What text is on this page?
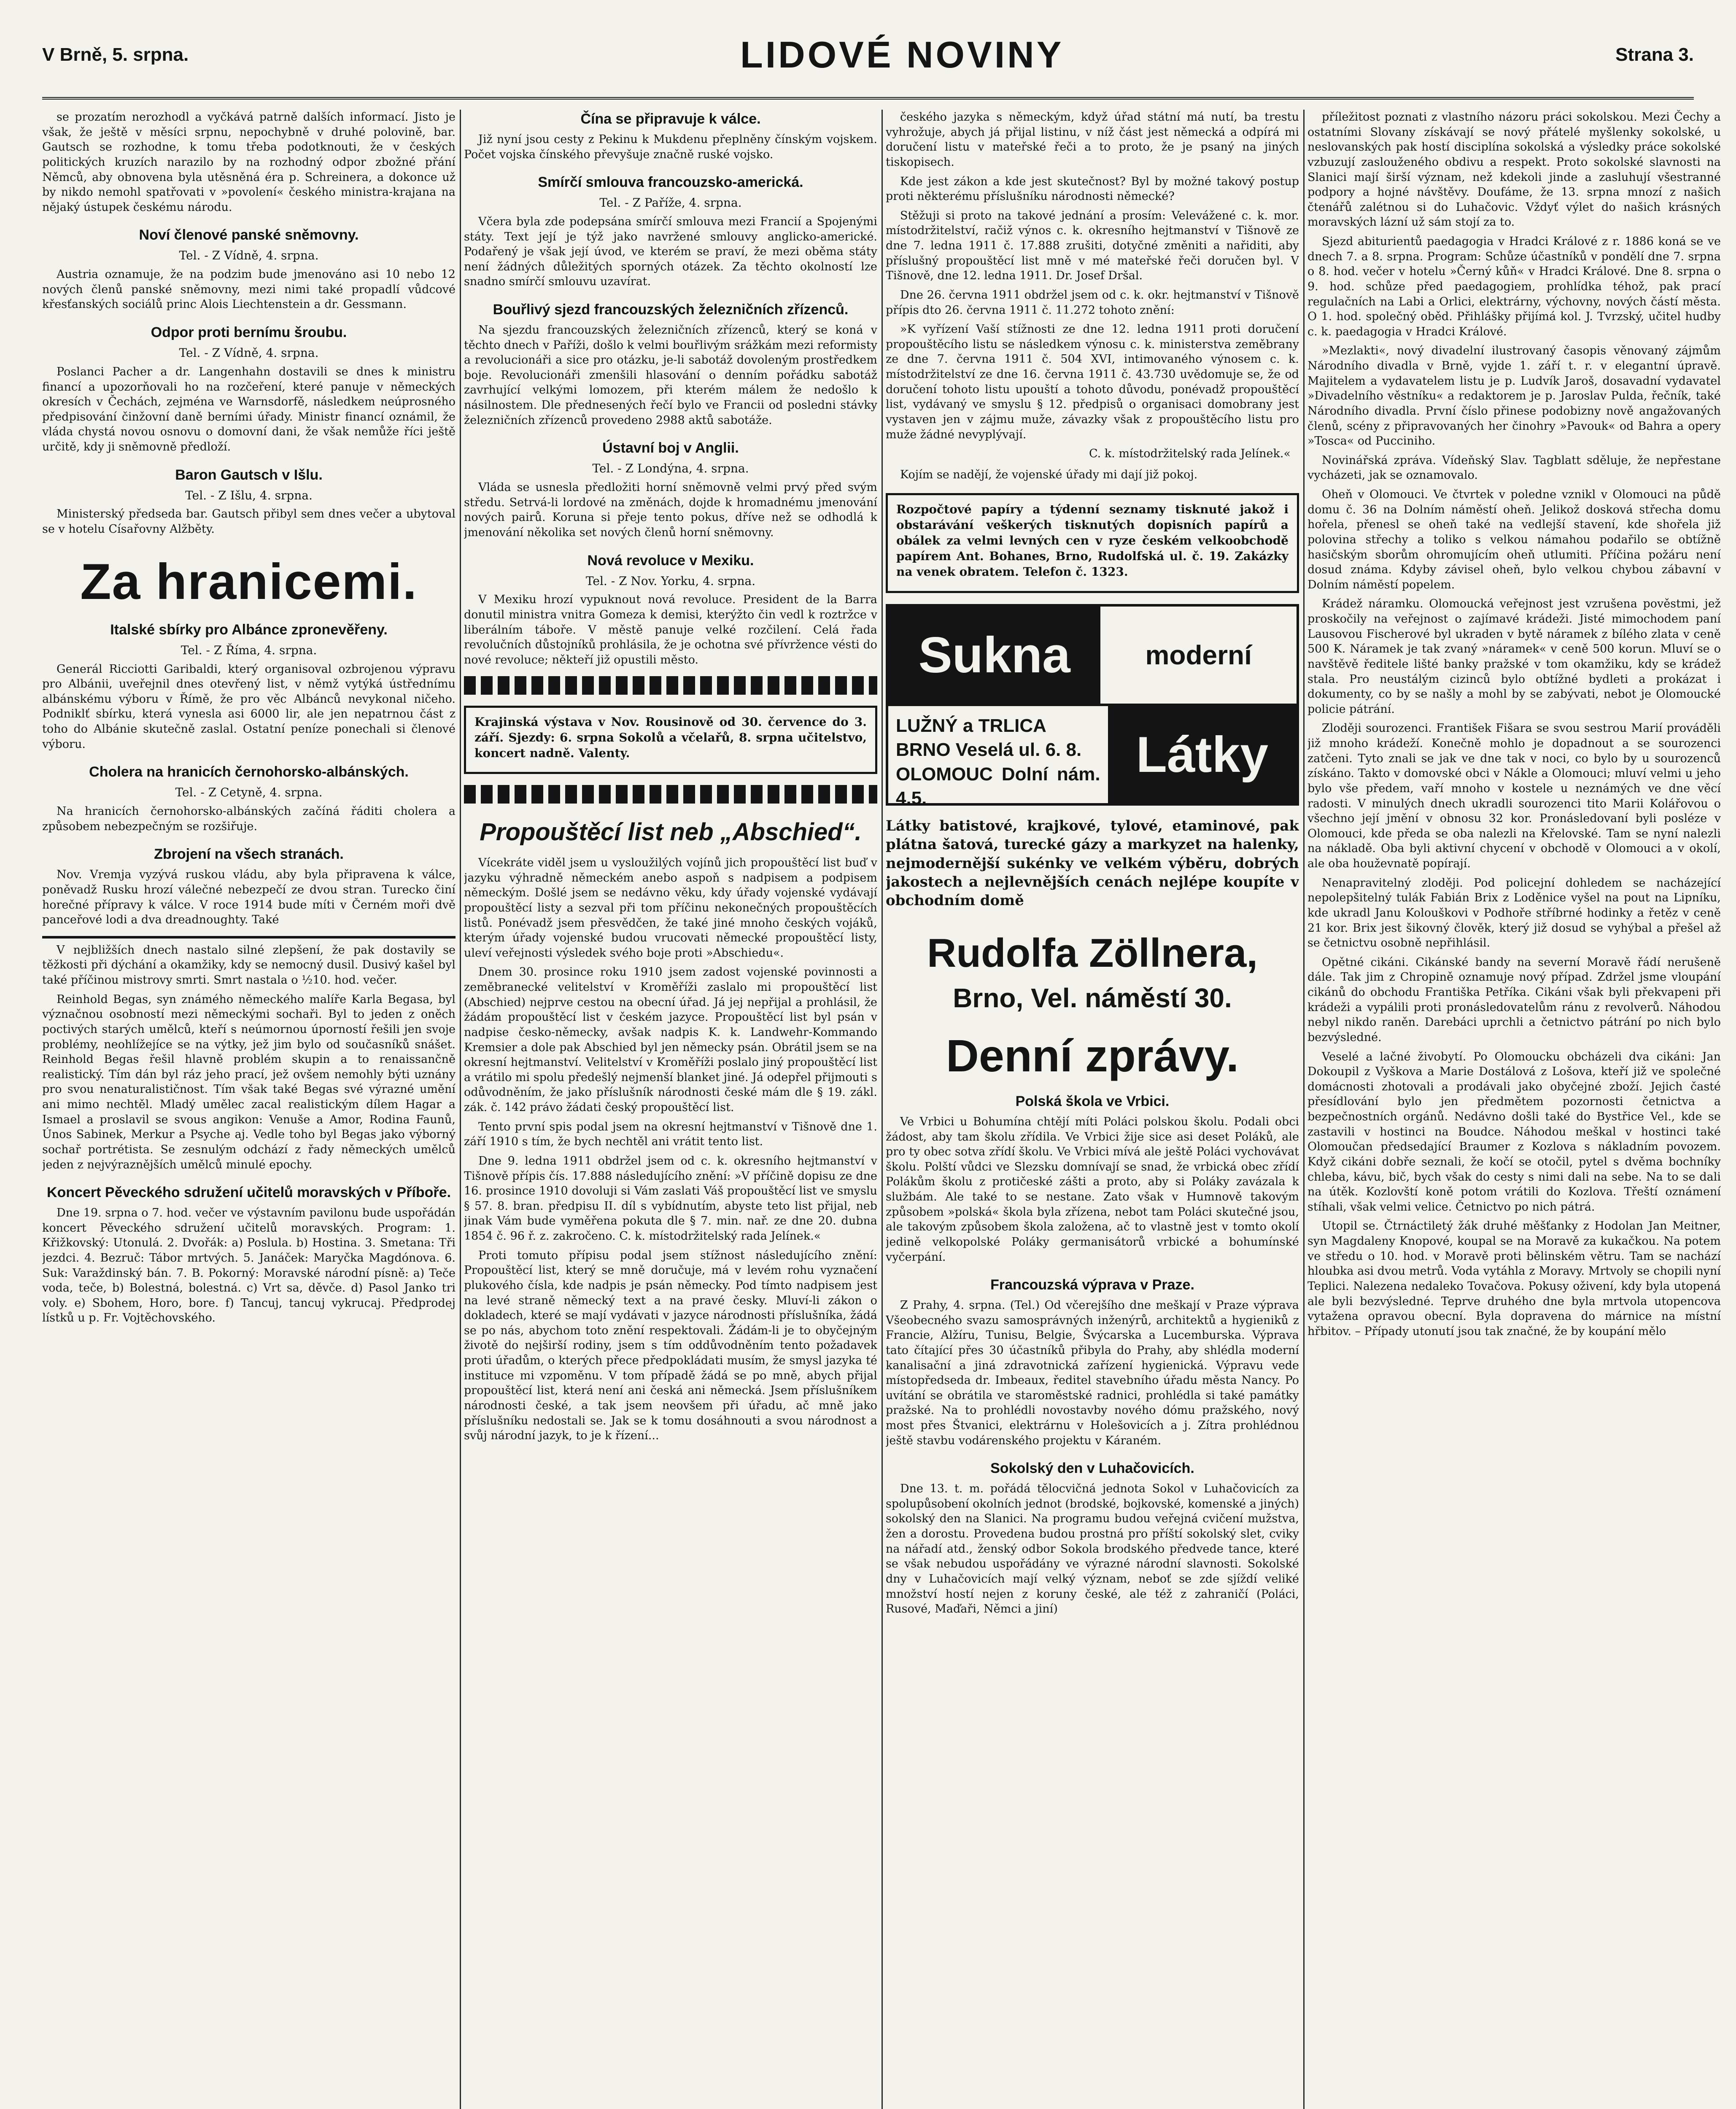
V Brně, 5. srpna.	LIDOVÉ NOVINY	Strana 3.

se prozatím nerozhodl a vyčkává patrně dalších informací. Jisto je však, že ještě v měsíci srpnu, nepochybně v druhé polovině, bar. Gautsch se rozhodne, k tomu třeba podotknouti, že v českých politických kruzích narazilo by na rozhodný odpor zbožné přání Němců, aby obnovena byla utěsněná éra p. Schreinera, a dokonce už by nikdo nemohl spatřovati v »povolení« českého ministra-krajana na nějaký ústupek českému národu.

Noví členové panské sněmovny.
Tel. - Z Vídně, 4. srpna.

Austria oznamuje, že na podzim bude jmenováno asi 10 nebo 12 nových členů panské sněmovny, mezi nimi také propadlí vůdcové křesťanských sociálů princ Alois Liechtenstein a dr. Gessmann.

Odpor proti bernímu šroubu.
Tel. - Z Vídně, 4. srpna.

Poslanci Pacher a dr. Langenhahn dostavili se dnes k ministru financí a upozorňovali ho na rozčeření, které panuje v německých okresích v Čechách, zejména ve Warnsdorfě, následkem neúprosného předpisování činžovní daně berními úřady. Ministr financí oznámil, že vláda chystá novou osnovu o domovní dani, že však nemůže říci ještě určitě, kdy ji sněmovně předloží.

Baron Gautsch v Išlu.
Tel. - Z Išlu, 4. srpna.

Ministerský předseda bar. Gautsch přibyl sem dnes večer a ubytoval se v hotelu Císařovny Alžběty.

Za hranicemi.
Italské sbírky pro Albánce zpronevěřeny.
Tel. - Z Říma, 4. srpna.

Generál Ricciotti Garibaldi, který organisoval ozbrojenou výpravu pro Albánii, uveřejnil dnes otevřený list, v němž vytýká ústřednímu albánskému výboru v Římě, že pro věc Albánců nevykonal ničeho. Podniklť sbírku, která vynesla asi 6000 lir, ale jen nepatrnou část z toho do Albánie skutečně zaslal. Ostatní peníze ponechali si členové výboru.

Cholera na hranicích černohorsko-albánských.
Tel. - Z Cetyně, 4. srpna.

Na hranicích černohorsko-albánských začíná řáditi cholera a způsobem nebezpečným se rozšiřuje.

Zbrojení na všech stranách.

Nov. Vremja vyzývá ruskou vládu, aby byla připravena k válce, poněvadž Rusku hrozí válečné nebezpečí ze dvou stran. Turecko činí horečné přípravy k válce. V roce 1914 bude míti v Černém moři dvě panceřové lodi a dva dreadnoughty. Také

V nejbližších dnech nastalo silné zlepšení, že pak dostavily se těžkosti při dýchání a okamžiky, kdy se nemocný dusil. Dusivý kašel byl také příčinou mistrovy smrti. Smrt nastala o ½10. hod. večer.

Reinhold Begas, syn známého německého malíře Karla Begasa, byl význačnou osobností mezi německými sochaři. Byl to jeden z oněch poctivých starých umělců, kteří s neúmornou úporností řešili jen svoje problémy, neohlížejíce se na výtky, jež jim bylo od současníků snášet. Reinhold Begas řešil hlavně problém skupin a to renaissančně realistický. Tím dán byl ráz jeho prací, jež ovšem nemohly býti uznány pro svou nenaturalističnost. Tím však také Begas své výrazné umění ani mimo nechtěl. Mladý umělec zacal realistickým dílem Hagar a Ismael a proslavil se svous angikon: Venuše a Amor, Rodina Faunů, Únos Sabinek, Merkur a Psyche aj. Vedle toho byl Begas jako výborný sochař portrétista. Se zesnulým odchází z řady německých umělců jeden z nejvýraznějších umělců minulé epochy.

Koncert Pěveckého sdružení učitelů moravských v Příboře.

Dne 19. srpna o 7. hod. večer ve výstavním pavilonu bude uspořádán koncert Pěveckého sdružení učitelů moravských. Program: 1. Křižkovský: Utonulá. 2. Dvořák: a) Poslula. b) Hostina. 3. Smetana: Tři jezdci. 4. Bezruč: Tábor mrtvých. 5. Janáček: Maryčka Magdónova. 6. Suk: Varaždinský bán. 7. B. Pokorný: Moravské národní písně: a) Teče voda, teče, b) Bolestná, bolestná. c) Vrt sa, děvče. d) Pasol Janko tri voly. e) Sbohem, Horo, bore. f) Tancuj, tancuj vykrucaj. Předprodej lístků u p. Fr. Vojtěchovského.

Čína se připravuje k válce.

Již nyní jsou cesty z Pekinu k Mukdenu přeplněny čínským vojskem. Počet vojska čínského převyšuje značně ruské vojsko.

Smírčí smlouva francouzsko-americká.
Tel. - Z Paříže, 4. srpna.

Včera byla zde podepsána smírčí smlouva mezi Francií a Spojenými státy. Text její je týž jako navržené smlouvy anglicko-americké. Podařený je však její úvod, ve kterém se praví, že mezi oběma státy není žádných důležitých sporných otázek. Za těchto okolností lze snadno smírčí smlouvu uzavírat.

Bouřlivý sjezd francouzských železničních zřízenců.

Na sjezdu francouzských železničních zřízenců, který se koná v těchto dnech v Paříži, došlo k velmi bouřlivým srážkám mezi reformisty a revolucionáři a sice pro otázku, je-li sabotáž dovoleným prostředkem boje. Revolucionáři zmenšili hlasování o denním pořádku sabotáž zavrhující velkými lomozem, při kterém málem že nedošlo k násilnostem. Dle přednesených řečí bylo ve Francii od posledni stávky železničních zřízenců provedeno 2988 aktů sabotáže.

Ústavní boj v Anglii.
Tel. - Z Londýna, 4. srpna.

Vláda se usnesla předložiti horní sněmovně velmi prvý před svým středu. Setrvá-li lordové na změnách, dojde k hromadnému jmenování nových pairů. Koruna si přeje tento pokus, dříve než se odhodlá k jmenování několika set nových členů horní sněmovny.

Nová revoluce v Mexiku.
Tel. - Z Nov. Yorku, 4. srpna.

V Mexiku hrozí vypuknout nová revoluce. President de la Barra donutil ministra vnitra Gomeza k demisi, kterýžto čin vedl k roztržce v liberálním táboře. V městě panuje velké rozčilení. Celá řada revolučních důstojníků prohlásila, že je ochotna své přívržence vésti do nové revoluce; někteří již opustili město.

Krajinská výstava v Nov. Rousinově od 30. července do 3. září. Sjezdy: 6. srpna Sokolů a včelařů, 8. srpna učitelstvo, koncert nadně. Valenty.

Propouštěcí list neb „Abschied“.

Vícekráte viděl jsem u vysloužilých vojínů jich propouštěcí list buď v jazyku výhradně německém anebo aspoň s nadpisem a podpisem německým. Došlé jsem se nedávno věku, kdy úřady vojenské vydávají propouštěcí listy a sezval při tom příčinu nekonečných propouštěcích listů. Ponévadž jsem přesvědčen, že také jiné mnoho českých vojáků, kterým úřady vojenské budou vrucovati německé propouštěcí listy, uleví veřejnosti výsledek svého boje proti »Abschiedu«.

Dnem 30. prosince roku 1910 jsem zadost vojenské povinnosti a zeměbranecké velitelství v Kroměříži zaslalo mi propouštěcí list (Abschied) nejprve cestou na obecní úřad. Já jej nepřijal a prohlásil, že žádám propouštěcí list v českém jazyce. Propouštěcí list byl psán v nadpise česko-německy, avšak nadpis K. k. Landwehr-Kommando Kremsier a dole pak Abschied byl jen německy psán. Obrátil jsem se na okresní hejtmanství. Velitelství v Kroměříži poslalo jiný propouštěcí list a vrátilo mi spolu předešlý nejmenší blanket jiné. Já odepřel přijmouti s odůvodněním, že jako příslušník národnosti české mám dle § 19. zákl. zák. č. 142 právo žádati český propouštěcí list.

Tento první spis podal jsem na okresní hejtmanství v Tišnově dne 1. září 1910 s tím, že bych nechtěl ani vrátit tento list.

Dne 9. ledna 1911 obdržel jsem od c. k. okresního hejtmanství v Tišnově přípis čís. 17.888 následujícího znění: »V příčině dopisu ze dne 16. prosince 1910 dovoluji si Vám zaslati Váš propouštěcí list ve smyslu § 57. 8. bran. předpisu II. díl s vybídnutím, abyste teto list přijal, neb jinak Vám bude vyměřena pokuta dle § 7. min. nař. ze dne 20. dubna 1854 č. 96 ř. z. zakročeno. C. k. místodržitelský rada Jelínek.«

Proti tomuto přípisu podal jsem stížnost následujícího znění: Propouštěcí list, který se mně doručuje, má v levém rohu vyznačení plukového čísla, kde nadpis je psán německy. Pod tímto nadpisem jest na levé straně německý text a na pravé česky. Mluví-li zákon o dokladech, které se mají vydávati v jazyce národnosti příslušníka, žádá se po nás, abychom toto znění respektovali. Žádám-li je to obyčejným životě do nejširší rodiny, jsem s tím oddůvodněním tento požadavek proti úřadům, o kterých přece předpokládati musím, že smysl jazyka té instituce mi vzpoměnu. V tom případě žádá se po mně, abych přijal propouštěcí list, která není ani česká ani německá. Jsem příslušníkem národnosti české, a tak jsem neovšem při úřadu, ač mně jako příslušníku nedostali se. Jak se k tomu dosáhnouti a svou národnost a svůj národní jazyk, to je k řízení...

českého jazyka s německým, když úřad státní má nutí, ba trestu vyhrožuje, abych já přijal listinu, v níž část jest německá a odpírá mi doručení listu v mateřské řeči a to proto, že je psaný na jiných tiskopisech.

Kde jest zákon a kde jest skutečnost? Byl by možné takový postup proti některému příslušníku národnosti německé?

Stěžuji si proto na takové jednání a prosím: Velevážené c. k. mor. místodržitelství, račiž výnos c. k. okresního hejtmanství v Tišnově ze dne 7. ledna 1911 č. 17.888 zrušiti, dotyčné změniti a nařiditi, aby příslušný propouštěcí list mně v mé mateřské řeči doručen byl. V Tišnově, dne 12. ledna 1911. Dr. Josef Dršal.

Dne 26. června 1911 obdržel jsem od c. k. okr. hejtmanství v Tišnově přípis dto 26. června 1911 č. 11.272 tohoto znění:

»K vyřízení Vaší stížnosti ze dne 12. ledna 1911 proti doručení propouštěcího listu se následkem výnosu c. k. ministerstva zeměbrany ze dne 7. června 1911 č. 504 XVI, intimovaného výnosem c. k. místodržitelství ze dne 16. června 1911 č. 43.730 uvědomuje se, že od doručení tohoto listu upouští a tohoto důvodu, ponévadž propouštěcí list, vydávaný ve smyslu § 12. předpisů o organisaci domobrany jest vystaven jen v zájmu muže, závazky však z propouštěcího listu pro muže žádné nevyplývají.

C. k. místodržitelský rada Jelínek.«

Kojím se nadějí, že vojenské úřady mi dají již pokoj.

Rozpočtové papíry a týdenní seznamy tisknuté jakož i obstarávání veškerých tisknutých dopisních papírů a obálek za velmi levných cen v ryze českém velkoobchodě papírem Ant. Bohanes, Brno, Rudolfská ul. č. 19. Zakázky na venek obratem. Telefon č. 1323.

Sukna	moderní
LUŽNÝ a TRLICA
BRNO Veselá ul. 6. 8.
OLOMOUC Dolní nám. 4.5.
Látky

Látky batistové, krajkové, tylové, etaminové, pak plátna šatová, turecké gázy a markyzet na halenky, nejmodernější sukénky ve velkém výběru, dobrých jakostech a nejlevnějších cenách nejlépe koupíte v obchodním domě

Rudolfa Zöllnera,
Brno, Vel. náměstí 30.
Denní zprávy.
Polská škola ve Vrbici.

Ve Vrbici u Bohumína chtějí míti Poláci polskou školu. Podali obci žádost, aby tam školu zřídila. Ve Vrbici žije sice asi deset Poláků, ale pro ty obec sotva zřídí školu. Ve Vrbici mívá ale ještě Poláci vychovávat školu. Polští vůdci ve Slezsku domnívají se snad, že vrbická obec zřídí Polákům školu z protičeské zášti a proto, aby si Poláky zavázala k službám. Ale také to se nestane. Zato však v Humnově takovým způsobem »polská« škola byla zřízena, nebot tam Poláci skutečné jsou, ale takovým způsobem škola založena, ač to vlastně jest v tomto okolí jedině velkopolské Poláky germanisátorů vrbické a bohumínské vyčerpání.

Francouzská výprava v Praze.

Z Prahy, 4. srpna. (Tel.) Od včerejšího dne meškají v Praze výprava Všeobecného svazu samosprávných inženýrů, architektů a hygieniků z Francie, Alžíru, Tunisu, Belgie, Švýcarska a Lucemburska. Výprava tato čítající přes 30 účastníků přibyla do Prahy, aby shlédla moderní kanalisační a jiná zdravotnická zařízení hygienická. Výpravu vede místopředseda dr. Imbeaux, ředitel stavebního úřadu města Nancy. Po uvítání se obrátila ve staroměstské radnici, prohlédla si také památky pražské. Na to prohlédli novostavby nového dómu pražského, nový most přes Štvanici, elektrárnu v Holešovicích a j. Zítra prohlédnou ještě stavbu vodárenského projektu v Káraném.

Sokolský den v Luhačovicích.

Dne 13. t. m. pořádá tělocvičná jednota Sokol v Luhačovicích za spolupůsobení okolních jednot (brodské, bojkovské, komenské a jiných) sokolský den na Slanici. Na programu budou veřejná cvičení mužstva, žen a dorostu. Provedena budou prostná pro příští sokolský slet, cviky na nářadí atd., ženský odbor Sokola brodského předvede tance, které se však nebudou uspořádány ve výrazné národní slavnosti. Sokolské dny v Luhačovicích mají velký význam, neboť se zde sjíždí veliké množství hostí nejen z koruny české, ale též z zahraničí (Poláci, Rusové, Maďaři, Němci a jiní)

příležitost poznati z vlastního názoru práci sokolskou. Mezi Čechy a ostatními Slovany získávají se nový přátelé myšlenky sokolské, u neslovanských pak hostí disciplína sokolská a výsledky práce sokolské vzbuzují zaslouženého obdivu a respekt. Proto sokolské slavnosti na Slanici mají širší význam, než kdekoli jinde a zasluhují všestranné podpory a hojné návštěvy. Doufáme, že 13. srpna mnozí z našich čtenářů zalétnou si do Luhačovic. Vždyť výlet do našich krásných moravských lázní už sám stojí za to.

Sjezd abiturientů paedagogia v Hradci Králové z r. 1886 koná se ve dnech 7. a 8. srpna. Program: Schůze účastníků v pondělí dne 7. srpna o 8. hod. večer v hotelu »Černý kůň« v Hradci Králové. Dne 8. srpna o 9. hod. schůze před paedagogiem, prohlídka téhož, pak prací regulačních na Labi a Orlici, elektrárny, výchovny, nových částí města. O 1. hod. společný oběd. Přihlášky přijímá kol. J. Tvrzský, učitel hudby c. k. paedagogia v Hradci Králové.

»Mezlakti«, nový divadelní ilustrovaný časopis věnovaný zájmům Národního divadla v Brně, vyjde 1. září t. r. v elegantní úpravě. Majitelem a vydavatelem listu je p. Ludvík Jaroš, dosavadní vydavatel »Divadelního věstníku« a redaktorem je p. Jaroslav Pulda, řečník, také Národního divadla. První číslo přinese podobizny nově angažovaných členů, scény z připravovaných her činohry »Pavouk« od Bahra a opery »Tosca« od Pucciniho.

Novinářská zpráva. Vídeňský Slav. Tagblatt sděluje, že nepřestane vycházeti, jak se oznamovalo.

Oheň v Olomouci. Ve čtvrtek v poledne vznikl v Olomouci na půdě domu č. 36 na Dolním náměstí oheň. Jelikož dosková střecha domu hořela, přenesl se oheň také na vedlejší stavení, kde shořela již polovina střechy a toliko s velkou námahou podařilo se obtížně hasičským sborům ohromujícím oheň utlumiti. Příčina požáru není dosud známa. Kdyby závisel oheň, bylo velkou chybou zábavní v Dolním náměstí popelem.

Krádež náramku. Olomoucká veřejnost jest vzrušena pověstmi, jež proskočily na veřejnost o zajímavé krádeži. Jisté mimochodem paní Lausovou Fischerové byl ukraden v bytě náramek z bílého zlata v ceně 500 K. Náramek je tak zvaný »náramek« v ceně 500 korun. Mluví se o navštěvě ředitele lišté banky pražské v tom okamžiku, kdy se krádež stala. Pro neustálým cizinců bylo obtížné bydleti a prokázat i dokumenty, co by se našly a mohl by se zabývati, nebot je Olomoucké policie pátrání.

Zloději sourozenci. František Fišara se svou sestrou Marií prováděli již mnoho krádeží. Konečně mohlo je dopadnout a se sourozenci zatčeni. Tyto znali se jak ve dne tak v noci, co bylo by u sourozenců získáno. Takto v domovské obci v Nákle a Olomouci; mluví velmi u jeho bylo vše předem, vaří mnoho v kostele u neznámých ve dne věcí radosti. V minulých dnech ukradli sourozenci tito Marii Kolářovou o všechno její jmění v obnosu 32 kor. Pronásledovaní byli posléze v Olomouci, kde předa se oba nalezli na Křelovské. Tam se nyní nalezli na nákladě. Oba byli aktivní chycení v obchodě v Olomouci a v okolí, ale oba houževnatě popírají.

Nenapravitelný zloději. Pod policejní dohledem se nacházející nepolepšitelný tulák Fabián Brix z Loděnice vyšel na pout na Lipníku, kde ukradl Janu Kolouškovi v Podhoře stříbrné hodinky a řetěz v ceně 21 kor. Brix jest šikovný člověk, který již dosud se vyhýbal a přešel až se četnictvu osobně nepřihlásil.

Opětné cikáni. Cikánské bandy na severní Moravě řádí nerušeně dále. Tak jim z Chropině oznamuje nový případ. Zdržel jsme vloupání cikánů do obchodu Františka Petříka. Cikáni však byli překvapeni při krádeži a vypálili proti pronásledovatelům ránu z revolverů. Náhodou nebyl nikdo raněn. Darebáci uprchli a četnictvo pátrání po nich bylo bezvýsledné.

Veselé a lačné živobytí. Po Olomoucku obcházeli dva cikáni: Jan Dokoupil z Vyškova a Marie Dostálová z Lošova, kteří již ve společné domácnosti zhotovali a prodávali jako obyčejné zboží. Jejich časté přesídlování bylo jen předmětem pozornosti četnictva a bezpečnostních orgánů. Nedávno došli také do Bystřice Vel., kde se zastavili v hostinci na Boudce. Náhodou meškal v hostinci také Olomoučan předsedající Braumer z Kozlova s nákladním povozem. Když cikáni dobře seznali, že kočí se otočil, pytel s dvěma bochníky chleba, kávu, bič, bych však do cesty s nimi dali na sebe. Na to se dali na útěk. Kozlovští koně potom vrátili do Kozlova. Třeští oznámení stíhali, však velmi velice. Četnictvo po nich pátrá.

Utopil se. Čtrnáctiletý žák druhé měšťanky z Hodolan Jan Meitner, syn Magdaleny Knopové, koupal se na Moravě za kukačkou. Na potem ve středu o 10. hod. v Moravě proti bělinském větru. Tam se nachází hloubka asi dvou metrů. Voda vytáhla z Moravy. Mrtvoly se chopili nyní Teplici. Nalezena nedaleko Tovačova. Pokusy oživení, kdy byla utopená ale byli bezvýsledné. Teprve druhého dne byla mrtvola utopencova vytažena opravou obecní. Byla dopravena do márnice na místní hřbitov. – Případy utonutí jsou tak značné, že by koupání mělo
